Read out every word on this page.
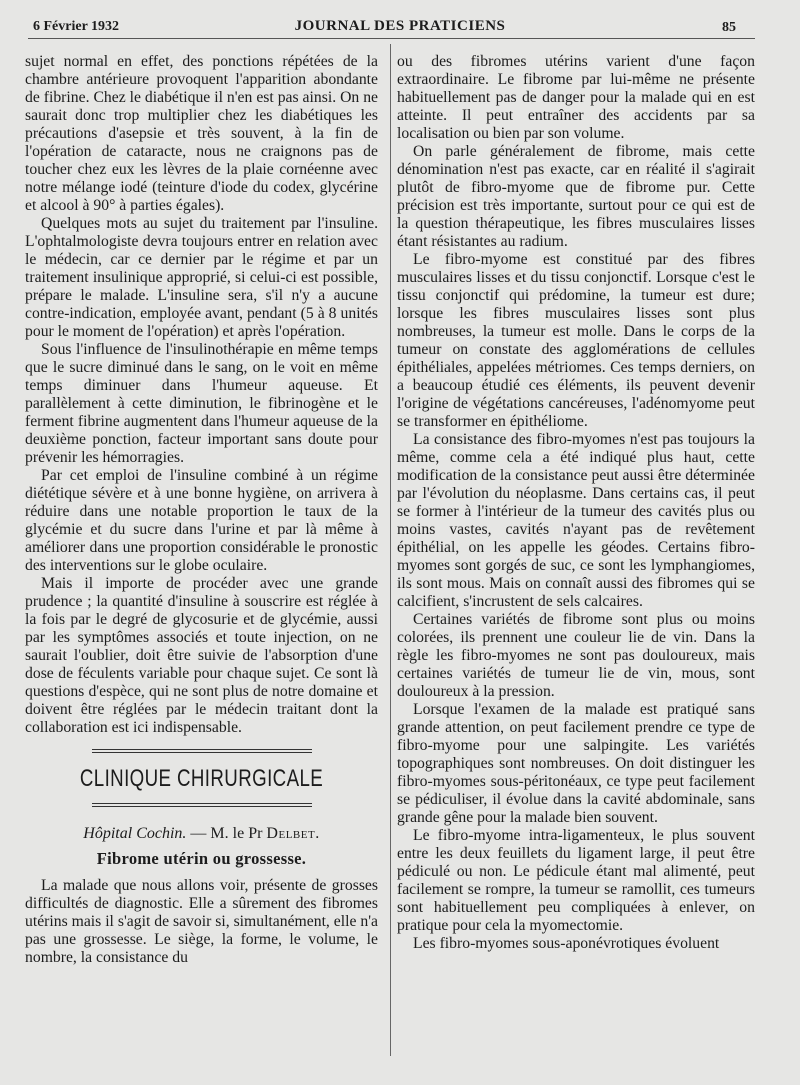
6 Février 1932	JOURNAL DES PRATICIENS	85

sujet normal en effet, des ponctions répétées de la chambre antérieure provoquent l'apparition abondante de fibrine. Chez le diabétique il n'en est pas ainsi. On ne saurait donc trop multiplier chez les diabétiques les précautions d'asepsie et très souvent, à la fin de l'opération de cataracte, nous ne craignons pas de toucher chez eux les lèvres de la plaie cornéenne avec notre mélange iodé (teinture d'iode du codex, glycérine et alcool à 90° à parties égales).

Quelques mots au sujet du traitement par l'insuline. L'ophtalmologiste devra toujours entrer en relation avec le médecin, car ce dernier par le régime et par un traitement insulinique approprié, si celui-ci est possible, prépare le malade. L'insuline sera, s'il n'y a aucune contre-indication, employée avant, pendant (5 à 8 unités pour le moment de l'opération) et après l'opération.

Sous l'influence de l'insulinothérapie en même temps que le sucre diminué dans le sang, on le voit en même temps diminuer dans l'humeur aqueuse. Et parallèlement à cette diminution, le fibrinogène et le ferment fibrine augmentent dans l'humeur aqueuse de la deuxième ponction, facteur important sans doute pour prévenir les hémorragies.

Par cet emploi de l'insuline combiné à un régime diététique sévère et à une bonne hygiène, on arrivera à réduire dans une notable proportion le taux de la glycémie et du sucre dans l'urine et par là même à améliorer dans une proportion considérable le pronostic des interventions sur le globe oculaire.

Mais il importe de procéder avec une grande prudence ; la quantité d'insuline à souscrire est réglée à la fois par le degré de glycosurie et de glycémie, aussi par les symptômes associés et toute injection, on ne saurait l'oublier, doit être suivie de l'absorption d'une dose de féculents variable pour chaque sujet. Ce sont là questions d'espèce, qui ne sont plus de notre domaine et doivent être réglées par le médecin traitant dont la collaboration est ici indispensable.

CLINIQUE CHIRURGICALE
Hôpital Cochin. — M. le Pr Delbet.
Fibrome utérin ou grossesse.

La malade que nous allons voir, présente de grosses difficultés de diagnostic. Elle a sûrement des fibromes utérins mais il s'agit de savoir si, simultanément, elle n'a pas une grossesse. Le siège, la forme, le volume, le nombre, la consistance du

ou des fibromes utérins varient d'une façon extraordinaire. Le fibrome par lui-même ne présente habituellement pas de danger pour la malade qui en est atteinte. Il peut entraîner des accidents par sa localisation ou bien par son volume.

On parle généralement de fibrome, mais cette dénomination n'est pas exacte, car en réalité il s'agirait plutôt de fibro-myome que de fibrome pur. Cette précision est très importante, surtout pour ce qui est de la question thérapeutique, les fibres musculaires lisses étant résistantes au radium.

Le fibro-myome est constitué par des fibres musculaires lisses et du tissu conjonctif. Lorsque c'est le tissu conjonctif qui prédomine, la tumeur est dure; lorsque les fibres musculaires lisses sont plus nombreuses, la tumeur est molle. Dans le corps de la tumeur on constate des agglomérations de cellules épithéliales, appelées métriomes. Ces temps derniers, on a beaucoup étudié ces éléments, ils peuvent devenir l'origine de végétations cancéreuses, l'adénomyome peut se transformer en épithéliome.

La consistance des fibro-myomes n'est pas toujours la même, comme cela a été indiqué plus haut, cette modification de la consistance peut aussi être déterminée par l'évolution du néoplasme. Dans certains cas, il peut se former à l'intérieur de la tumeur des cavités plus ou moins vastes, cavités n'ayant pas de revêtement épithélial, on les appelle les géodes. Certains fibro-myomes sont gorgés de suc, ce sont les lymphangiomes, ils sont mous. Mais on connaît aussi des fibromes qui se calcifient, s'incrustent de sels calcaires.

Certaines variétés de fibrome sont plus ou moins colorées, ils prennent une couleur lie de vin. Dans la règle les fibro-myomes ne sont pas douloureux, mais certaines variétés de tumeur lie de vin, mous, sont douloureux à la pression.

Lorsque l'examen de la malade est pratiqué sans grande attention, on peut facilement prendre ce type de fibro-myome pour une salpingite. Les variétés topographiques sont nombreuses. On doit distinguer les fibro-myomes sous-péritonéaux, ce type peut facilement se pédiculiser, il évolue dans la cavité abdominale, sans grande gêne pour la malade bien souvent.

Le fibro-myome intra-ligamenteux, le plus souvent entre les deux feuillets du ligament large, il peut être pédiculé ou non. Le pédicule étant mal alimenté, peut facilement se rompre, la tumeur se ramollit, ces tumeurs sont habituellement peu compliquées à enlever, on pratique pour cela la myomectomie.

Les fibro-myomes sous-aponévrotiques évoluent
